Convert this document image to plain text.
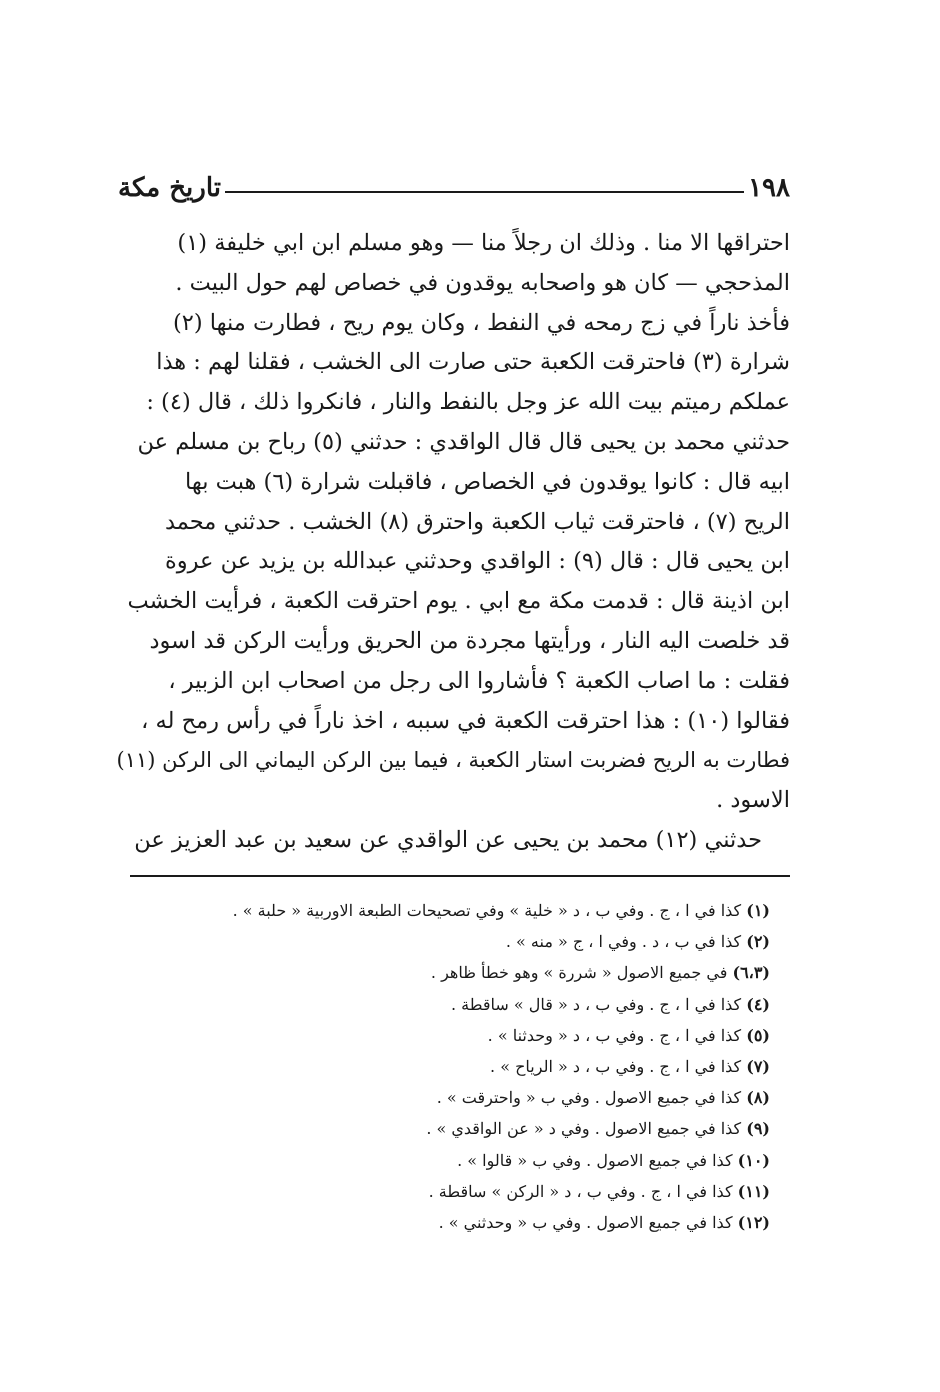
١٩٨
تاريخ مكة
احتراقها الا منا . وذلك ان رجلاً منا — وهو مسلم ابن ابي خليفة (١)
المذحجي — كان هو واصحابه يوقدون في خصاص لهم حول البيت .
فأخذ ناراً في زج رمحه في النفط ، وكان يوم ريح ، فطارت منها (٢)
شرارة (٣) فاحترقت الكعبة حتى صارت الى الخشب ، فقلنا لهم : هذا
عملكم رميتم بيت الله عز وجل بالنفط والنار ، فانكروا ذلك ، قال (٤) :
حدثني محمد بن يحيى قال قال الواقدي : حدثني (٥) رباح بن مسلم عن
ابيه قال : كانوا يوقدون في الخصاص ، فاقبلت شرارة (٦) هبت بها
الريح (٧) ، فاحترقت ثياب الكعبة واحترق (٨) الخشب . حدثني محمد
ابن يحيى قال : قال (٩) : الواقدي وحدثني عبدالله بن يزيد عن عروة
ابن اذينة قال : قدمت مكة مع ابي . يوم احترقت الكعبة ، فرأيت الخشب
قد خلصت اليه النار ، ورأيتها مجردة من الحريق ورأيت الركن قد اسود
فقلت : ما اصاب الكعبة ؟ فأشاروا الى رجل من اصحاب ابن الزبير ،
فقالوا (١٠) : هذا احترقت الكعبة في سببه ، اخذ ناراً في رأس رمح له ،
فطارت به الريح فضربت استار الكعبة ، فيما بين الركن اليماني الى الركن (١١)
الاسود .
حدثني (١٢) محمد بن يحيى عن الواقدي عن سعيد بن عبد العزيز عن
(١) كذا في ا ، ج . وفي ب ، د « خلية » وفي تصحيحات الطبعة الاوربية « حلبة » .
(٢) كذا في ب ، د . وفي ا ، ج « منه » .
(٦،٣) في جميع الاصول « شررة » وهو خطأ ظاهر .
(٤) كذا في ا ، ج . وفي ب ، د « قال » ساقطة .
(٥) كذا في ا ، ج . وفي ب ، د « وحدثنا » .
(٧) كذا في ا ، ج . وفي ب ، د « الرياح » .
(٨) كذا في جميع الاصول . وفي ب « واحترقت » .
(٩) كذا في جميع الاصول . وفي د « عن الواقدي » .
(١٠) كذا في جميع الاصول . وفي ب « قالوا » .
(١١) كذا في ا ، ج . وفي ب ، د « الركن » ساقطة .
(١٢) كذا في جميع الاصول . وفي ب « وحدثني » .
